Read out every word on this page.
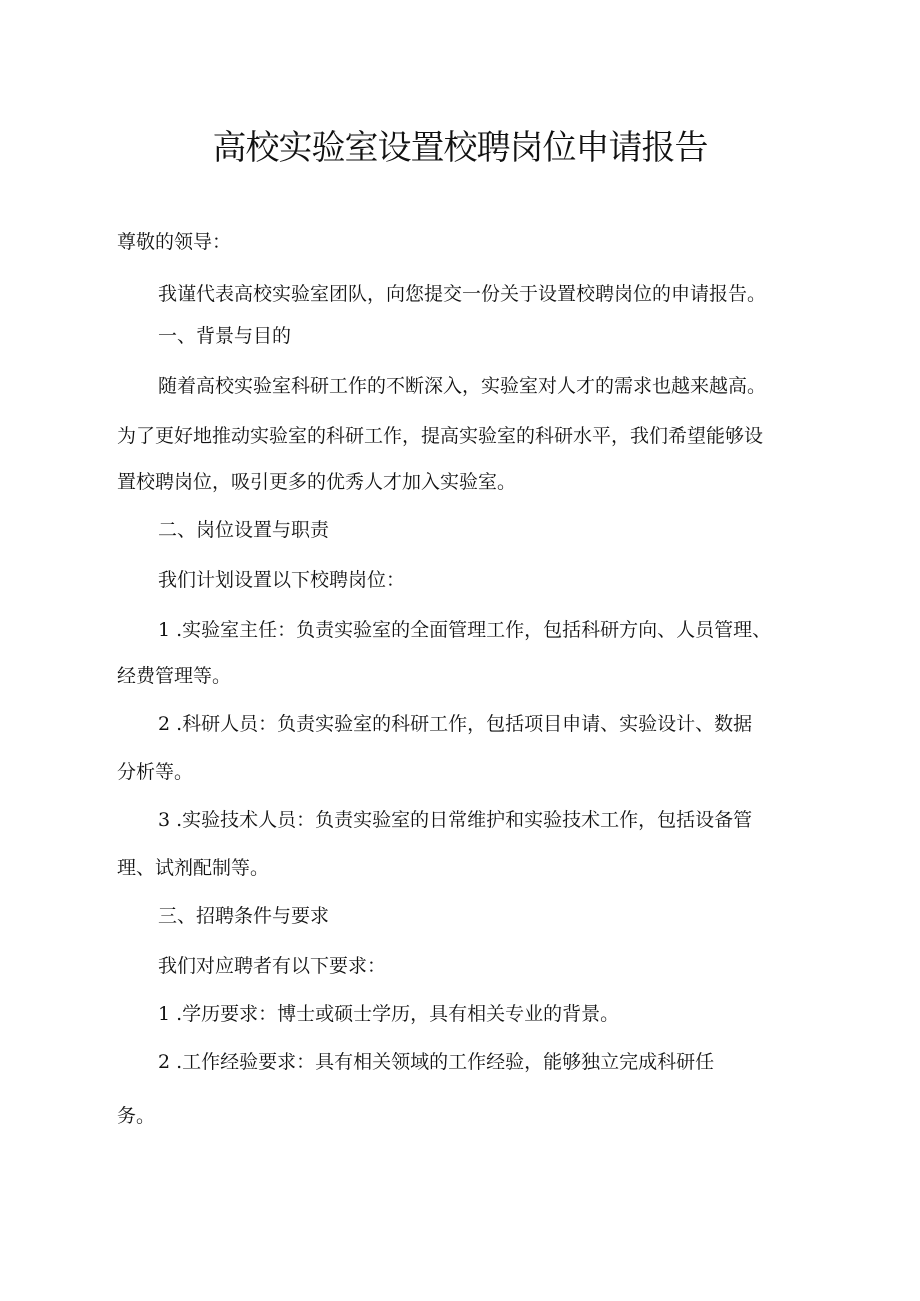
高校实验室设置校聘岗位申请报告

尊敬的领导：

我谨代表高校实验室团队，向您提交一份关于设置校聘岗位的申请报告。

一、背景与目的

随着高校实验室科研工作的不断深入，实验室对人才的需求也越来越高。

为了更好地推动实验室的科研工作，提高实验室的科研水平，我们希望能够设

置校聘岗位，吸引更多的优秀人才加入实验室。

二、岗位设置与职责

我们计划设置以下校聘岗位：

1 .实验室主任：负责实验室的全面管理工作，包括科研方向、人员管理、

经费管理等。

2 .科研人员：负责实验室的科研工作，包括项目申请、实验设计、数据

分析等。

3 .实验技术人员：负责实验室的日常维护和实验技术工作，包括设备管

理、试剂配制等。

三、招聘条件与要求

我们对应聘者有以下要求：

1 .学历要求：博士或硕士学历，具有相关专业的背景。

2 .工作经验要求：具有相关领域的工作经验，能够独立完成科研任

务。
